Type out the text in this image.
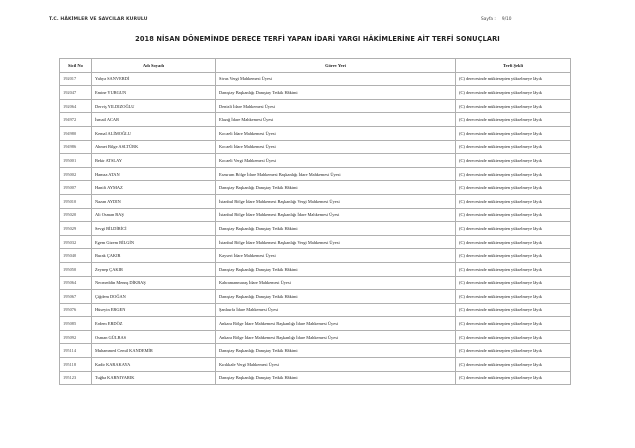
T.C. HÂKİMLER VE SAVCILAR KURULU	Sayfa : 9/10
2018 NİSAN DÖNEMİNDE DERECE TERFİ YAPAN İDARİ YARGI HÂKİMLERİNE AİT TERFİ SONUÇLARI
Sicil No	Adı Soyadı	Görev Yeri	Terfi Şekli
192017	Yahya SANVERDİ	Sivas Vergi Mahkemesi Üyesi	(C) derecesinde müktesepten yükselmeye lâyık
192047	Emine YURGUN	Danıştay Başkanlığı Danıştay Tetkik Hâkimi	(C) derecesinde müktesepten yükselmeye lâyık
192064	Derviş YILDIZOĞLU	Denizli İdare Mahkemesi Üyesi	(C) derecesinde müktesepten yükselmeye lâyık
194972	İsmail ACAR	Elazığ İdare Mahkemesi Üyesi	(C) derecesinde müktesepten yükselmeye lâyık
194980	Kemal ALİMOĞLU	Kocaeli İdare Mahkemesi Üyesi	(C) derecesinde müktesepten yükselmeye lâyık
194986	Ahmet Bilge ASLTÜRK	Kocaeli İdare Mahkemesi Üyesi	(C) derecesinde müktesepten yükselmeye lâyık
195001	Bekir ATSLAY	Kocaeli Vergi Mahkemesi Üyesi	(C) derecesinde müktesepten yükselmeye lâyık
195002	Hamza ATAN	Erzurum Bölge İdare Mahkemesi Başkanlığı İdare Mahkemesi Üyesi	(C) derecesinde müktesepten yükselmeye lâyık
195007	Hanifi AYMAZ	Danıştay Başkanlığı Danıştay Tetkik Hâkimi	(C) derecesinde müktesepten yükselmeye lâyık
195010	Nazan AYDIN	İstanbul Bölge İdare Mahkemesi Başkanlığı Vergi Mahkemesi Üyesi	(C) derecesinde müktesepten yükselmeye lâyık
195020	Ali Osman BAŞ	İstanbul Bölge İdare Mahkemesi Başkanlığı İdare Mahkemesi Üyesi	(C) derecesinde müktesepten yükselmeye lâyık
195029	Sevgi BİLDİRİCİ	Danıştay Başkanlığı Danıştay Tetkik Hâkimi	(C) derecesinde müktesepten yükselmeye lâyık
195032	Egem Gizem BİLGİN	İstanbul Bölge İdare Mahkemesi Başkanlığı Vergi Mahkemesi Üyesi	(C) derecesinde müktesepten yükselmeye lâyık
195040	Burak ÇAKIR	Kayseri İdare Mahkemesi Üyesi	(C) derecesinde müktesepten yükselmeye lâyık
195050	Zeynep ÇAKIR	Danıştay Başkanlığı Danıştay Tetkik Hâkimi	(C) derecesinde müktesepten yükselmeye lâyık
195064	Necmeddin Mennş DİKBAŞ	Kahramanmaraş İdare Mahkemesi Üyesi	(C) derecesinde müktesepten yükselmeye lâyık
195067	Çiğdem DOĞAN	Danıştay Başkanlığı Danıştay Tetkik Hâkimi	(C) derecesinde müktesepten yükselmeye lâyık
195076	Hüseyin ERGEN	Şanlıurfa İdare Mahkemesi Üyesi	(C) derecesinde müktesepten yükselmeye lâyık
195085	Erdem ERDÖZ	Ankara Bölge İdare Mahkemesi Başkanlığı İdare Mahkemesi Üyesi	(C) derecesinde müktesepten yükselmeye lâyık
195092	Osman GÜLBAS	Ankara Bölge İdare Mahkemesi Başkanlığı İdare Mahkemesi Üyesi	(C) derecesinde müktesepten yükselmeye lâyık
195114	Muhammed Cemil KANDEMİR	Danıştay Başkanlığı Danıştay Tetkik Hâkimi	(C) derecesinde müktesepten yükselmeye lâyık
195118	Kadir KARAKAYA	Kırıkkale Vergi Mahkemesi Üyesi	(C) derecesinde müktesepten yükselmeye lâyık
195123	Tuğba KARNIYARIK	Danıştay Başkanlığı Danıştay Tetkik Hâkimi	(C) derecesinde müktesepten yükselmeye lâyık
